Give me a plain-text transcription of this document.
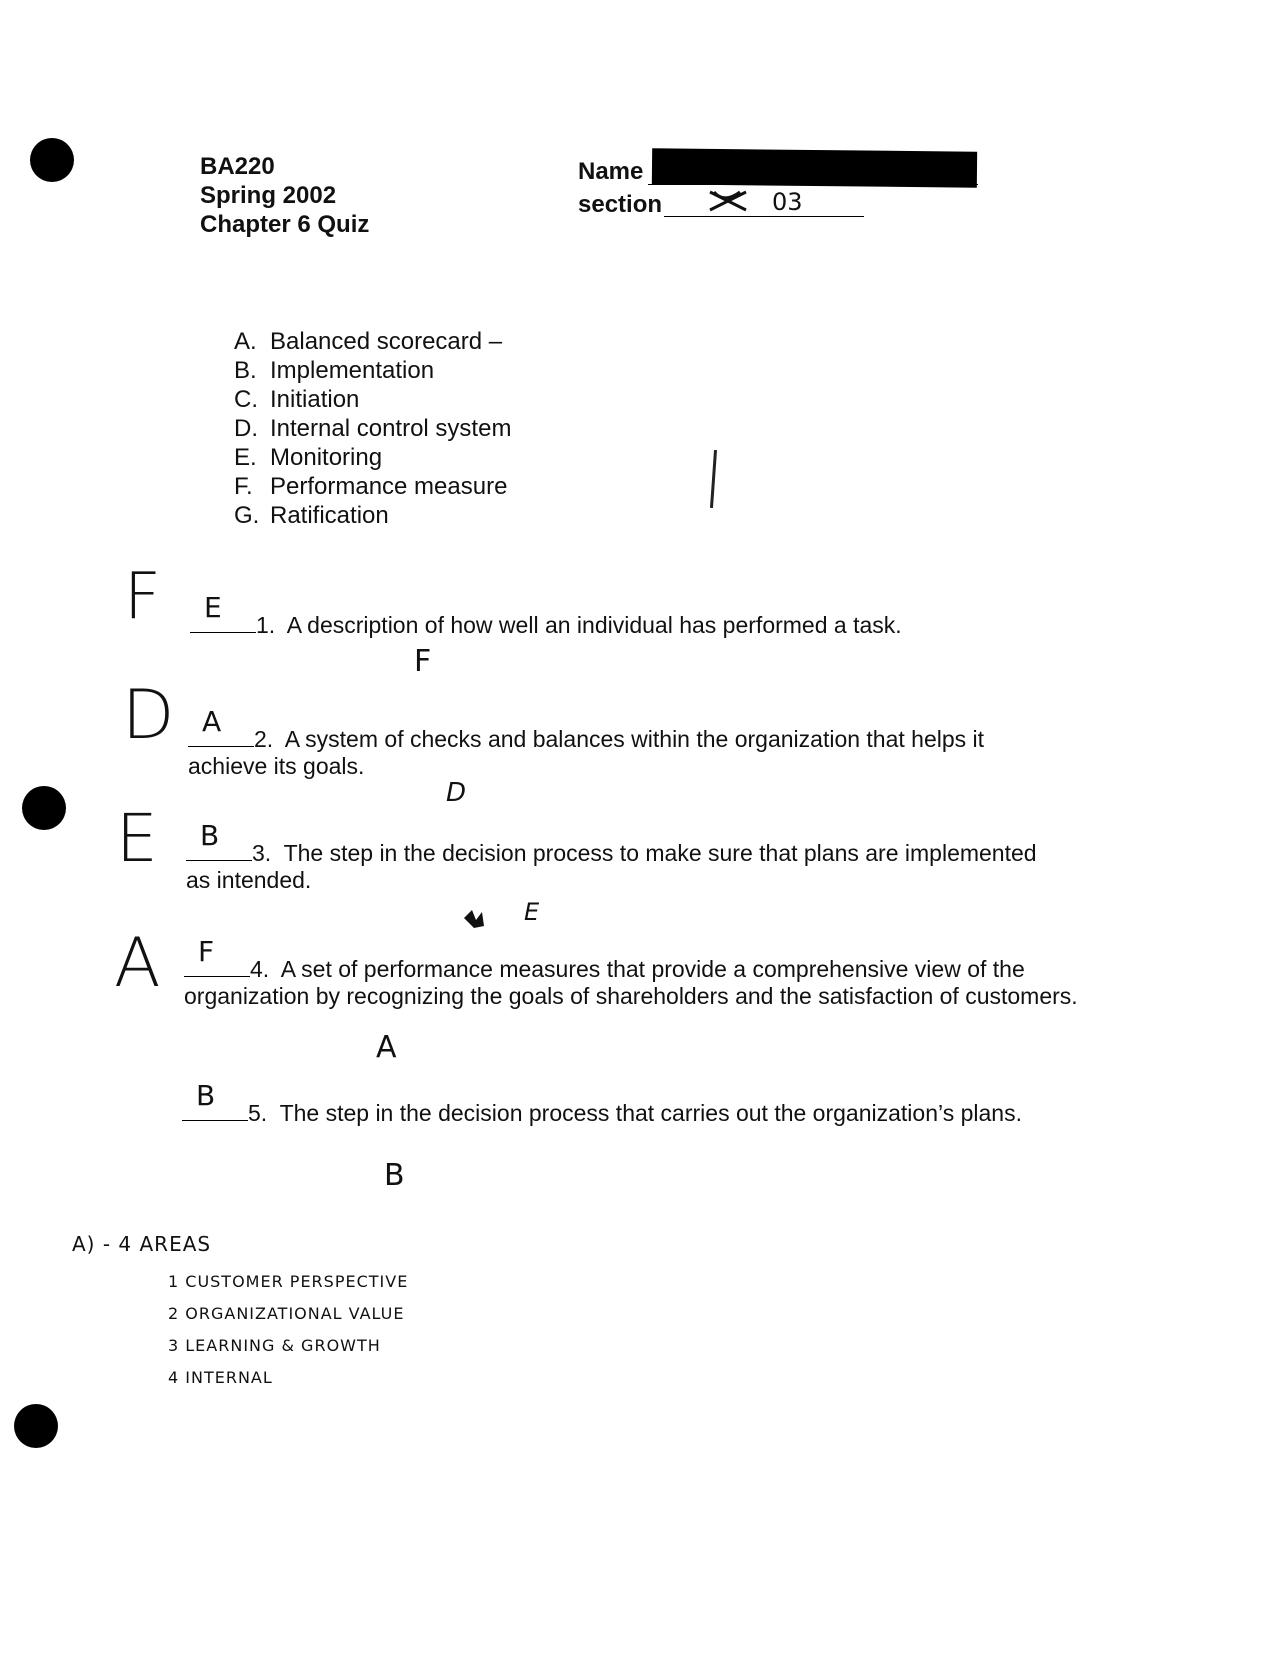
BA220
Spring 2002
Chapter 6 Quiz
Name
section	03
A. Balanced scorecard –
B. Implementation
C. Initiation
D. Internal control system
E. Monitoring
F. Performance measure
G. Ratification
F E
1. A description of how well an individual has performed a task.
F
D A
2. A system of checks and balances within the organization that helps it achieve its goals.
D
E B
3. The step in the decision process to make sure that plans are implemented as intended.
E
A F
4. A set of performance measures that provide a comprehensive view of the organization by recognizing the goals of shareholders and the satisfaction of customers.
A
B
5. The step in the decision process that carries out the organization’s plans.
B
A) - 4 AREAS
1 CUSTOMER PERSPECTIVE
2 ORGANIZATIONAL VALUE
3 LEARNING & GROWTH
4 INTERNAL
